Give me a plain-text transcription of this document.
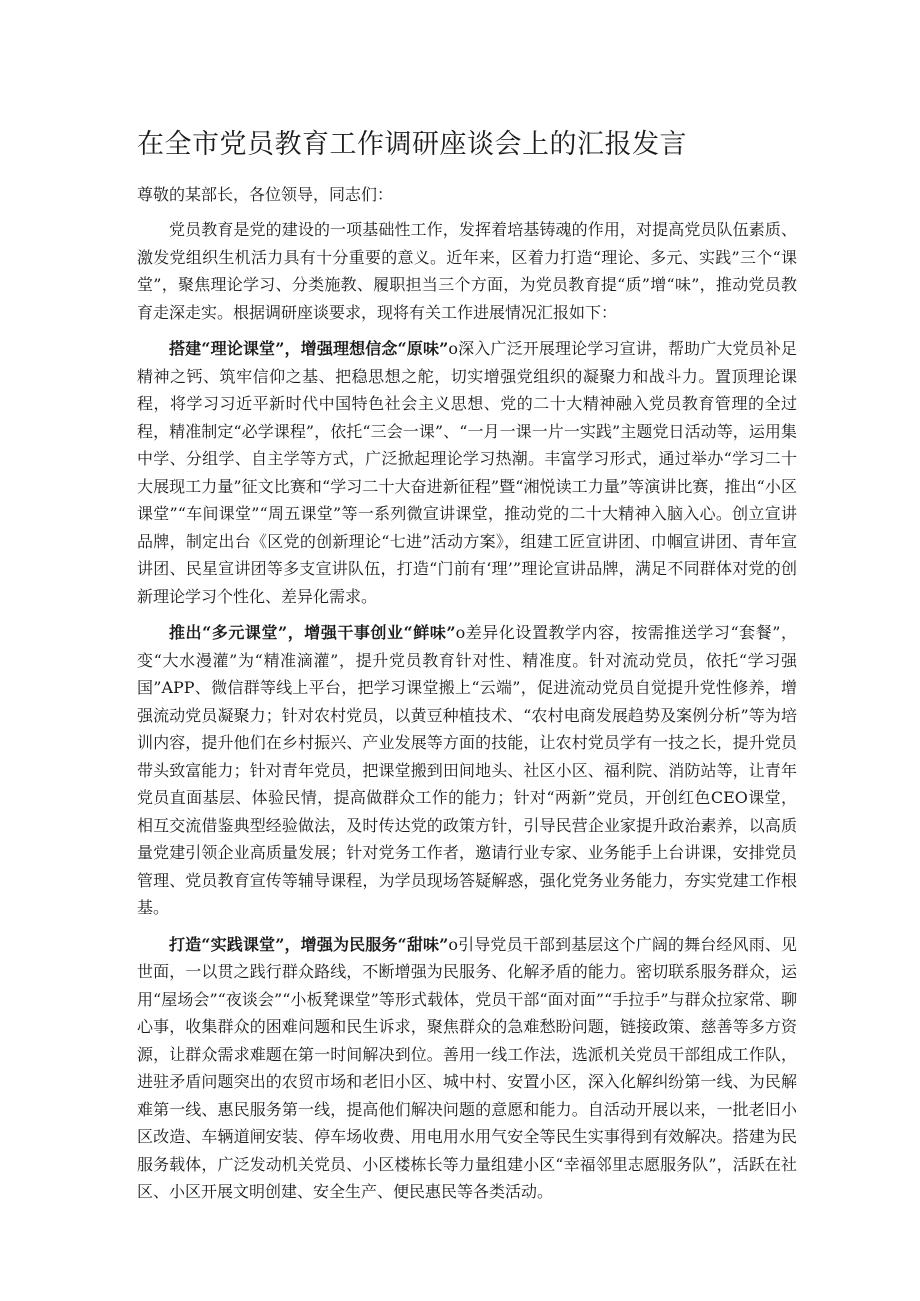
在全市党员教育工作调研座谈会上的汇报发言

尊敬的某部长，各位领导，同志们：

党员教育是党的建设的一项基础性工作，发挥着培基铸魂的作用，对提高党员队伍素质、激发党组织生机活力具有十分重要的意义。近年来，区着力打造“理论、多元、实践”三个“课堂”，聚焦理论学习、分类施教、履职担当三个方面，为党员教育提“质”增“味”，推动党员教育走深走实。根据调研座谈要求，现将有关工作进展情况汇报如下：

搭建“理论课堂”，增强理想信念“原味”o深入广泛开展理论学习宣讲，帮助广大党员补足精神之钙、筑牢信仰之基、把稳思想之舵，切实增强党组织的凝聚力和战斗力。置顶理论课程，将学习习近平新时代中国特色社会主义思想、党的二十大精神融入党员教育管理的全过程，精准制定“必学课程”，依托“三会一课”、“一月一课一片一实践”主题党日活动等，运用集中学、分组学、自主学等方式，广泛掀起理论学习热潮。丰富学习形式，通过举办“学习二十大展现工力量”征文比赛和“学习二十大奋进新征程”暨“湘悦读工力量”等演讲比赛，推出“小区课堂”“车间课堂”“周五课堂”等一系列微宣讲课堂，推动党的二十大精神入脑入心。创立宣讲品牌，制定出台《区党的创新理论“七进”活动方案》，组建工匠宣讲团、巾帼宣讲团、青年宣讲团、民星宣讲团等多支宣讲队伍，打造“门前有‘理’”理论宣讲品牌，满足不同群体对党的创新理论学习个性化、差异化需求。

推出“多元课堂”，增强干事创业“鲜味”o差异化设置教学内容，按需推送学习“套餐”，变“大水漫灌”为“精准滴灌”，提升党员教育针对性、精准度。针对流动党员，依托“学习强国”APP、微信群等线上平台，把学习课堂搬上“云端”，促进流动党员自觉提升党性修养，增强流动党员凝聚力；针对农村党员，以黄豆种植技术、“农村电商发展趋势及案例分析”等为培训内容，提升他们在乡村振兴、产业发展等方面的技能，让农村党员学有一技之长，提升党员带头致富能力；针对青年党员，把课堂搬到田间地头、社区小区、福利院、消防站等，让青年党员直面基层、体验民情，提高做群众工作的能力；针对“两新”党员，开创红色CEO课堂，相互交流借鉴典型经验做法，及时传达党的政策方针，引导民营企业家提升政治素养，以高质量党建引领企业高质量发展；针对党务工作者，邀请行业专家、业务能手上台讲课，安排党员管理、党员教育宣传等辅导课程，为学员现场答疑解惑，强化党务业务能力，夯实党建工作根基。

打造“实践课堂”，增强为民服务“甜味”o引导党员干部到基层这个广阔的舞台经风雨、见世面，一以贯之践行群众路线，不断增强为民服务、化解矛盾的能力。密切联系服务群众，运用“屋场会”“夜谈会”“小板凳课堂”等形式载体，党员干部“面对面”“手拉手”与群众拉家常、聊心事，收集群众的困难问题和民生诉求，聚焦群众的急难愁盼问题，链接政策、慈善等多方资源，让群众需求难题在第一时间解决到位。善用一线工作法，选派机关党员干部组成工作队，进驻矛盾问题突出的农贸市场和老旧小区、城中村、安置小区，深入化解纠纷第一线、为民解难第一线、惠民服务第一线，提高他们解决问题的意愿和能力。自活动开展以来，一批老旧小区改造、车辆道闸安装、停车场收费、用电用水用气安全等民生实事得到有效解决。搭建为民服务载体，广泛发动机关党员、小区楼栋长等力量组建小区“幸福邻里志愿服务队”，活跃在社区、小区开展文明创建、安全生产、便民惠民等各类活动。
